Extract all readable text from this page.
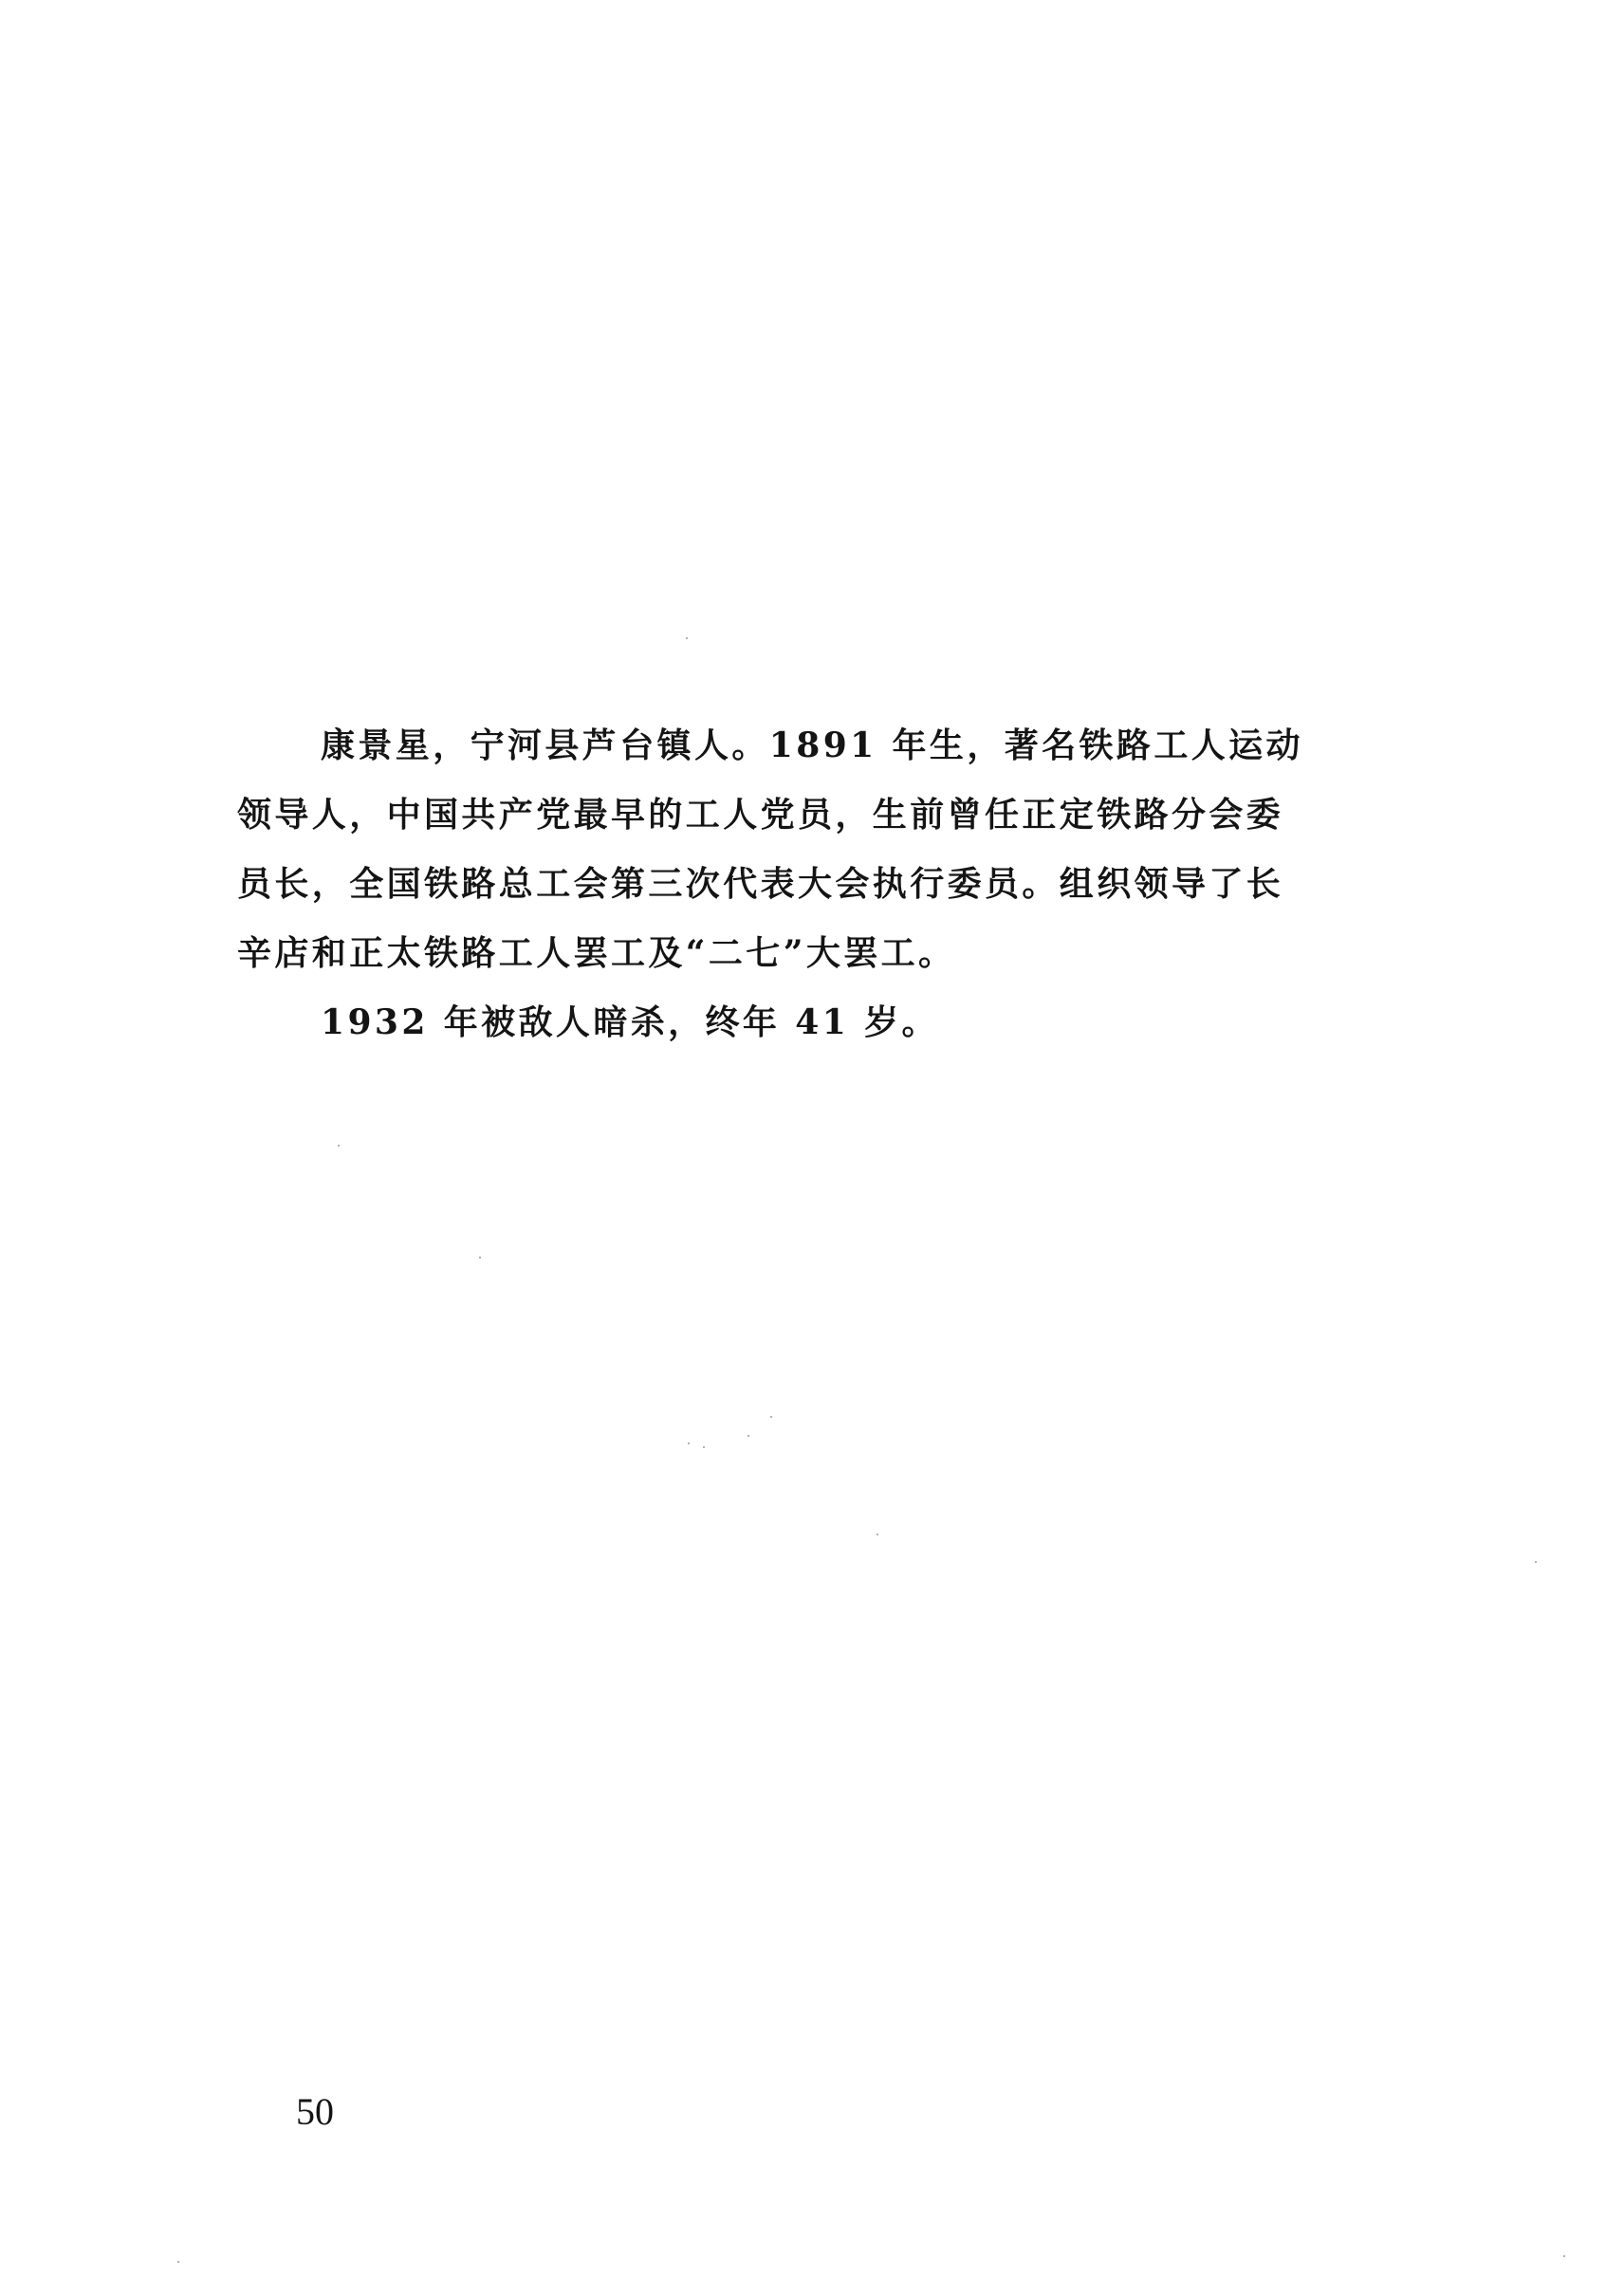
康景星，宁河县芦台镇人。1891 年生，著名铁路工人运动
领导人，中国共产党最早的工人党员，生前曾任正定铁路分会委
员长，全国铁路总工会第三次代表大会执行委员。组织领导了长
辛店和正太铁路工人罢工及“二七”大罢工。
1932 年被敌人暗杀，终年 41 岁。
50
